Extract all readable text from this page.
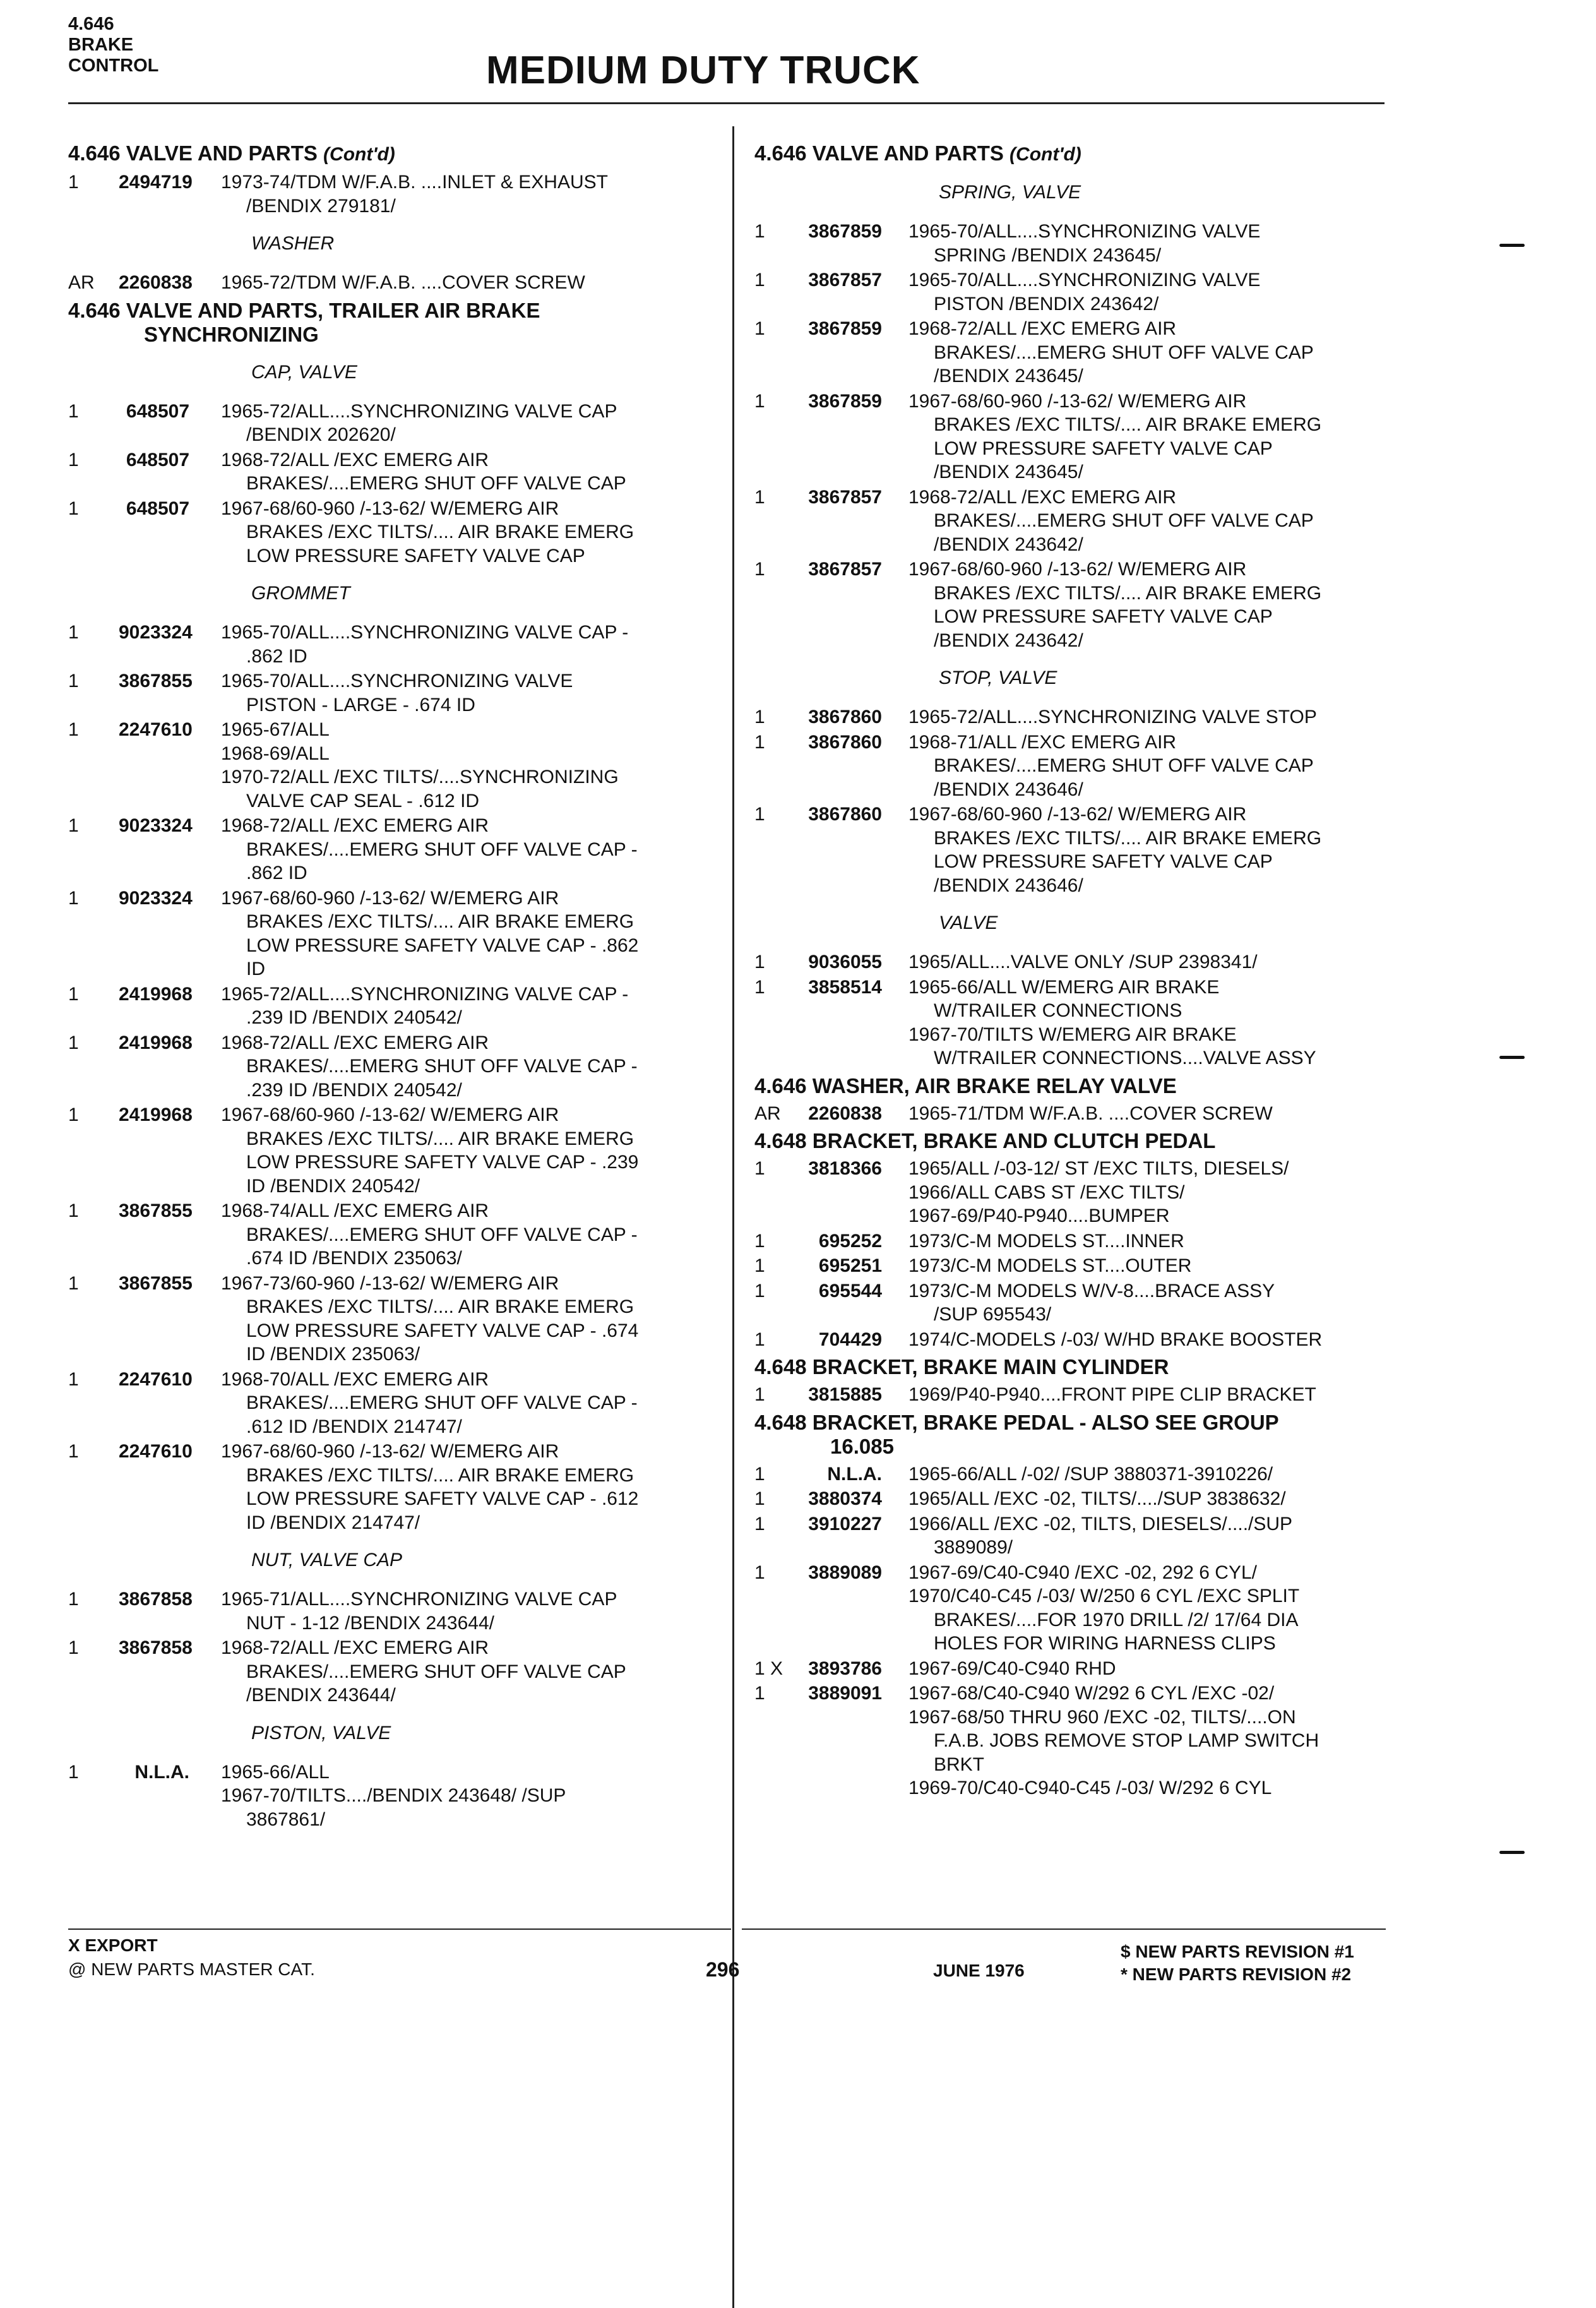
4.646
BRAKE
CONTROL	MEDIUM DUTY TRUCK
4.646 VALVE AND PARTS (Cont'd)
1	2494719 1973-74/TDM W/F.A.B. ....INLET & EXHAUST
/BENDIX 279181/
WASHER
AR	2260838 1965-72/TDM W/F.A.B. ....COVER SCREW
4.646 VALVE AND PARTS, TRAILER AIR BRAKE
SYNCHRONIZING
CAP, VALVE
1	648507 1965-72/ALL....SYNCHRONIZING VALVE CAP
/BENDIX 202620/
1	648507 1968-72/ALL /EXC EMERG AIR
BRAKES/....EMERG SHUT OFF VALVE CAP
1	648507 1967-68/60-960 /-13-62/ W/EMERG AIR
BRAKES /EXC TILTS/.... AIR BRAKE EMERG
LOW PRESSURE SAFETY VALVE CAP
GROMMET
1	9023324 1965-70/ALL....SYNCHRONIZING VALVE CAP -
.862 ID
1	3867855 1965-70/ALL....SYNCHRONIZING VALVE
PISTON - LARGE - .674 ID
1	2247610 1965-67/ALL
1968-69/ALL
1970-72/ALL /EXC TILTS/....SYNCHRONIZING
VALVE CAP SEAL - .612 ID
1	9023324 1968-72/ALL /EXC EMERG AIR
BRAKES/....EMERG SHUT OFF VALVE CAP -
.862 ID
1	9023324 1967-68/60-960 /-13-62/ W/EMERG AIR
BRAKES /EXC TILTS/.... AIR BRAKE EMERG
LOW PRESSURE SAFETY VALVE CAP - .862
ID
1	2419968 1965-72/ALL....SYNCHRONIZING VALVE CAP -
.239 ID /BENDIX 240542/
1	2419968 1968-72/ALL /EXC EMERG AIR
BRAKES/....EMERG SHUT OFF VALVE CAP -
.239 ID /BENDIX 240542/
1	2419968 1967-68/60-960 /-13-62/ W/EMERG AIR
BRAKES /EXC TILTS/.... AIR BRAKE EMERG
LOW PRESSURE SAFETY VALVE CAP - .239
ID /BENDIX 240542/
1	3867855 1968-74/ALL /EXC EMERG AIR
BRAKES/....EMERG SHUT OFF VALVE CAP -
.674 ID /BENDIX 235063/
1	3867855 1967-73/60-960 /-13-62/ W/EMERG AIR
BRAKES /EXC TILTS/.... AIR BRAKE EMERG
LOW PRESSURE SAFETY VALVE CAP - .674
ID /BENDIX 235063/
1	2247610 1968-70/ALL /EXC EMERG AIR
BRAKES/....EMERG SHUT OFF VALVE CAP -
.612 ID /BENDIX 214747/
1	2247610 1967-68/60-960 /-13-62/ W/EMERG AIR
BRAKES /EXC TILTS/.... AIR BRAKE EMERG
LOW PRESSURE SAFETY VALVE CAP - .612
ID /BENDIX 214747/
NUT, VALVE CAP
1	3867858 1965-71/ALL....SYNCHRONIZING VALVE CAP
NUT - 1-12 /BENDIX 243644/
1	3867858 1968-72/ALL /EXC EMERG AIR
BRAKES/....EMERG SHUT OFF VALVE CAP
/BENDIX 243644/
PISTON, VALVE
1	N.L.A. 1965-66/ALL
1967-70/TILTS..../BENDIX 243648/ /SUP
3867861/
4.646 VALVE AND PARTS (Cont'd)
SPRING, VALVE
1	3867859 1965-70/ALL....SYNCHRONIZING VALVE
SPRING /BENDIX 243645/
1	3867857 1965-70/ALL....SYNCHRONIZING VALVE
PISTON /BENDIX 243642/
1	3867859 1968-72/ALL /EXC EMERG AIR
BRAKES/....EMERG SHUT OFF VALVE CAP
/BENDIX 243645/
1	3867859 1967-68/60-960 /-13-62/ W/EMERG AIR
BRAKES /EXC TILTS/.... AIR BRAKE EMERG
LOW PRESSURE SAFETY VALVE CAP
/BENDIX 243645/
1	3867857 1968-72/ALL /EXC EMERG AIR
BRAKES/....EMERG SHUT OFF VALVE CAP
/BENDIX 243642/
1	3867857 1967-68/60-960 /-13-62/ W/EMERG AIR
BRAKES /EXC TILTS/.... AIR BRAKE EMERG
LOW PRESSURE SAFETY VALVE CAP
/BENDIX 243642/
STOP, VALVE
1	3867860 1965-72/ALL....SYNCHRONIZING VALVE STOP
1	3867860 1968-71/ALL /EXC EMERG AIR
BRAKES/....EMERG SHUT OFF VALVE CAP
/BENDIX 243646/
1	3867860 1967-68/60-960 /-13-62/ W/EMERG AIR
BRAKES /EXC TILTS/.... AIR BRAKE EMERG
LOW PRESSURE SAFETY VALVE CAP
/BENDIX 243646/
VALVE
1	9036055 1965/ALL....VALVE ONLY /SUP 2398341/
1	3858514 1965-66/ALL W/EMERG AIR BRAKE
W/TRAILER CONNECTIONS
1967-70/TILTS W/EMERG AIR BRAKE
W/TRAILER CONNECTIONS....VALVE ASSY
4.646 WASHER, AIR BRAKE RELAY VALVE
AR	2260838 1965-71/TDM W/F.A.B. ....COVER SCREW
4.648 BRACKET, BRAKE AND CLUTCH PEDAL
1	3818366 1965/ALL /-03-12/ ST /EXC TILTS, DIESELS/
1966/ALL CABS ST /EXC TILTS/
1967-69/P40-P940....BUMPER
1	695252 1973/C-M MODELS ST....INNER
1	695251 1973/C-M MODELS ST....OUTER
1	695544 1973/C-M MODELS W/V-8....BRACE ASSY
/SUP 695543/
1	704429 1974/C-MODELS /-03/ W/HD BRAKE BOOSTER
4.648 BRACKET, BRAKE MAIN CYLINDER
1	3815885 1969/P40-P940....FRONT PIPE CLIP BRACKET
4.648 BRACKET, BRAKE PEDAL - ALSO SEE GROUP
16.085
1	N.L.A. 1965-66/ALL /-02/ /SUP 3880371-3910226/
1	3880374 1965/ALL /EXC -02, TILTS/..../SUP 3838632/
1	3910227 1966/ALL /EXC -02, TILTS, DIESELS/..../SUP
3889089/
1	3889089 1967-69/C40-C940 /EXC -02, 292 6 CYL/
1970/C40-C45 /-03/ W/250 6 CYL /EXC SPLIT
BRAKES/....FOR 1970 DRILL /2/ 17/64 DIA
HOLES FOR WIRING HARNESS CLIPS
1 X	3893786 1967-69/C40-C940 RHD
1	3889091 1967-68/C40-C940 W/292 6 CYL /EXC -02/
1967-68/50 THRU 960 /EXC -02, TILTS/....ON
F.A.B. JOBS REMOVE STOP LAMP SWITCH
BRKT
1969-70/C40-C940-C45 /-03/ W/292 6 CYL
X EXPORT
@ NEW PARTS MASTER CAT.	296	JUNE 1976
$ NEW PARTS REVISION #1
* NEW PARTS REVISION #2
